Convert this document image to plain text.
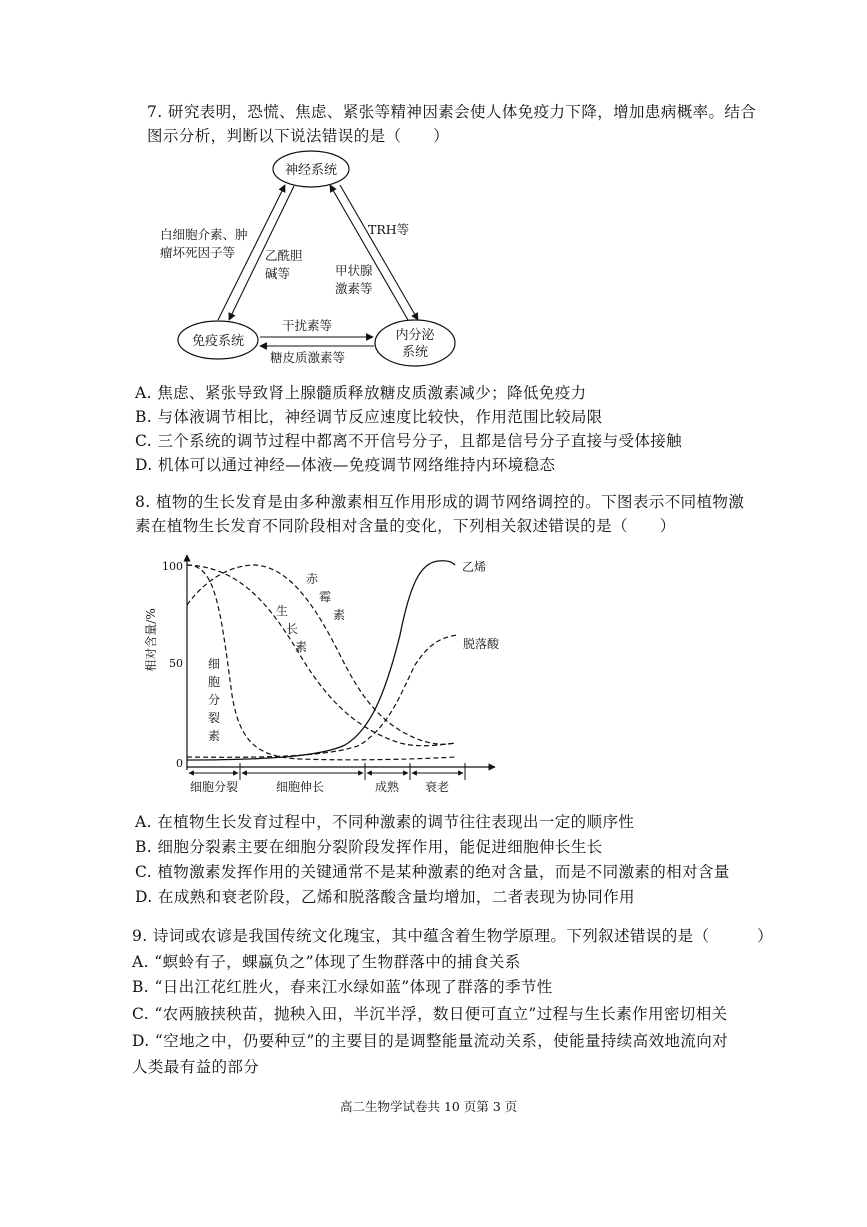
7. 研究表明，恐慌、焦虑、紧张等精神因素会使人体免疫力下降，增加患病概率。结合
图示分析，判断以下说法错误的是（　　）
神经系统
免疫系统	内分泌
系统
白细胞介素、肿
瘤坏死因子等 乙酰胆
碱等
TRH等
甲状腺
激素等
干扰素等
糖皮质激素等
A. 焦虑、紧张导致肾上腺髓质释放糖皮质激素减少；降低免疫力
B. 与体液调节相比，神经调节反应速度比较快，作用范围比较局限
C. 三个系统的调节过程中都离不开信号分子，且都是信号分子直接与受体接触
D. 机体可以通过神经—体液—免疫调节网络维持内环境稳态
8. 植物的生长发育是由多种激素相互作用形成的调节网络调控的。下图表示不同植物激
素在植物生长发育不同阶段相对含量的变化，下列相关叙述错误的是（　　）
相对含量/%
100
50
0
细胞分裂	细胞伸长	成熟 衰老
乙烯
脱落酸
赤
霉
素
生
长
素
细
胞
分
裂
素
A. 在植物生长发育过程中，不同种激素的调节往往表现出一定的顺序性
B. 细胞分裂素主要在细胞分裂阶段发挥作用，能促进细胞伸长生长
C. 植物激素发挥作用的关键通常不是某种激素的绝对含量，而是不同激素的相对含量
D. 在成熟和衰老阶段，乙烯和脱落酸含量均增加，二者表现为协同作用
9. 诗词或农谚是我国传统文化瑰宝，其中蕴含着生物学原理。下列叙述错误的是（　　　）
A. “螟蛉有子，蜾蠃负之”体现了生物群落中的捕食关系
B. “日出江花红胜火，春来江水绿如蓝”体现了群落的季节性
C. “农两腋挟秧苗，抛秧入田，半沉半浮，数日便可直立”过程与生长素作用密切相关
D. “空地之中，仍要种豆”的主要目的是调整能量流动关系，使能量持续高效地流向对
人类最有益的部分
高二生物学试卷共 10 页第 3 页
